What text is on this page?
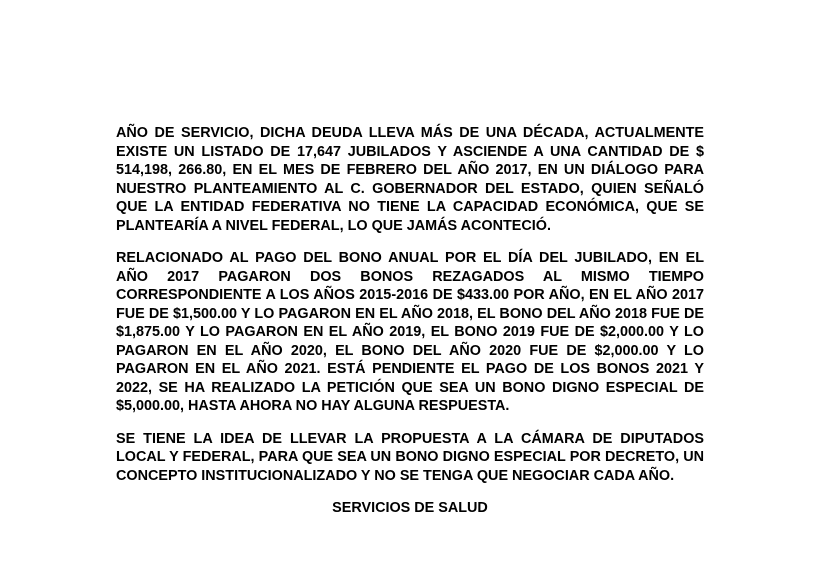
AÑO DE SERVICIO, DICHA DEUDA LLEVA MÁS DE UNA DÉCADA, ACTUALMENTE EXISTE UN LISTADO DE 17,647 JUBILADOS Y ASCIENDE A UNA CANTIDAD DE $ 514,198, 266.80, EN EL MES DE FEBRERO DEL AÑO 2017, EN UN DIÁLOGO PARA NUESTRO PLANTEAMIENTO AL C. GOBERNADOR DEL ESTADO, QUIEN SEÑALÓ QUE LA ENTIDAD FEDERATIVA NO TIENE LA CAPACIDAD ECONÓMICA, QUE SE PLANTEARÍA A NIVEL FEDERAL, LO QUE JAMÁS ACONTECIÓ.

RELACIONADO AL PAGO DEL BONO ANUAL POR EL DÍA DEL JUBILADO, EN EL AÑO 2017 PAGARON DOS BONOS REZAGADOS AL MISMO TIEMPO CORRESPONDIENTE A LOS AÑOS 2015-2016 DE $433.00 POR AÑO, EN EL AÑO 2017 FUE DE $1,500.00 Y LO PAGARON EN EL AÑO 2018, EL BONO DEL AÑO 2018 FUE DE $1,875.00 Y LO PAGARON EN EL AÑO 2019, EL BONO 2019 FUE DE $2,000.00 Y LO PAGARON EN EL AÑO 2020, EL BONO DEL AÑO 2020 FUE DE $2,000.00 Y LO PAGARON EN EL AÑO 2021. ESTÁ PENDIENTE EL PAGO DE LOS BONOS 2021 Y 2022, SE HA REALIZADO LA PETICIÓN QUE SEA UN BONO DIGNO ESPECIAL DE $5,000.00, HASTA AHORA NO HAY ALGUNA RESPUESTA.

SE TIENE LA IDEA DE LLEVAR LA PROPUESTA A LA CÁMARA DE DIPUTADOS LOCAL Y FEDERAL, PARA QUE SEA UN BONO DIGNO ESPECIAL POR DECRETO, UN CONCEPTO INSTITUCIONALIZADO Y NO SE TENGA QUE NEGOCIAR CADA AÑO.

SERVICIOS DE SALUD
